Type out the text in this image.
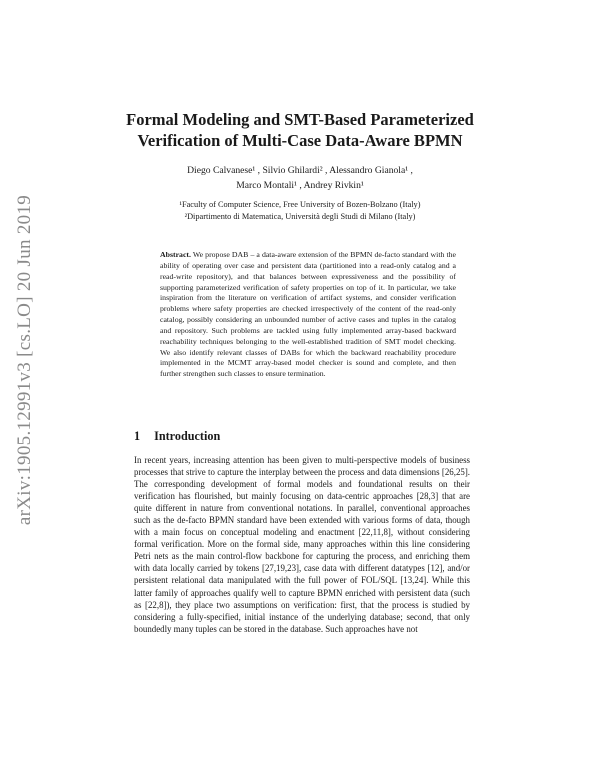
arXiv:1905.12991v3 [cs.LO] 20 Jun 2019
Formal Modeling and SMT-Based Parameterized
Verification of Multi-Case Data-Aware BPMN
Diego Calvanese¹ , Silvio Ghilardi² , Alessandro Gianola¹ ,
Marco Montali¹ , Andrey Rivkin¹
¹Faculty of Computer Science, Free University of Bozen-Bolzano (Italy)
²Dipartimento di Matematica, Università degli Studi di Milano (Italy)

Abstract. We propose DAB – a data-aware extension of the BPMN de-facto standard with the ability of operating over case and persistent data (partitioned into a read-only catalog and a read-write repository), and that balances between expressiveness and the possibility of supporting parameterized verification of safety properties on top of it. In particular, we take inspiration from the literature on verification of artifact systems, and consider verification problems where safety properties are checked irrespectively of the content of the read-only catalog, possibly considering an unbounded number of active cases and tuples in the catalog and repository. Such problems are tackled using fully implemented array-based backward reachability techniques belonging to the well-established tradition of SMT model checking. We also identify relevant classes of DABs for which the backward reachability procedure implemented in the MCMT array-based model checker is sound and complete, and then further strengthen such classes to ensure termination.

1 Introduction

In recent years, increasing attention has been given to multi-perspective models of business processes that strive to capture the interplay between the process and data dimensions [26,25]. The corresponding development of formal models and foundational results on their verification has flourished, but mainly focusing on data-centric approaches [28,3] that are quite different in nature from conventional notations. In parallel, conventional approaches such as the de-facto BPMN standard have been extended with various forms of data, though with a main focus on conceptual modeling and enactment [22,11,8], without considering formal verification. More on the formal side, many approaches within this line considering Petri nets as the main control-flow backbone for capturing the process, and enriching them with data locally carried by tokens [27,19,23], case data with different datatypes [12], and/or persistent relational data manipulated with the full power of FOL/SQL [13,24]. While this latter family of approaches qualify well to capture BPMN enriched with persistent data (such as [22,8]), they place two assumptions on verification: first, that the process is studied by considering a fully-specified, initial instance of the underlying database; second, that only boundedly many tuples can be stored in the database. Such approaches have not
